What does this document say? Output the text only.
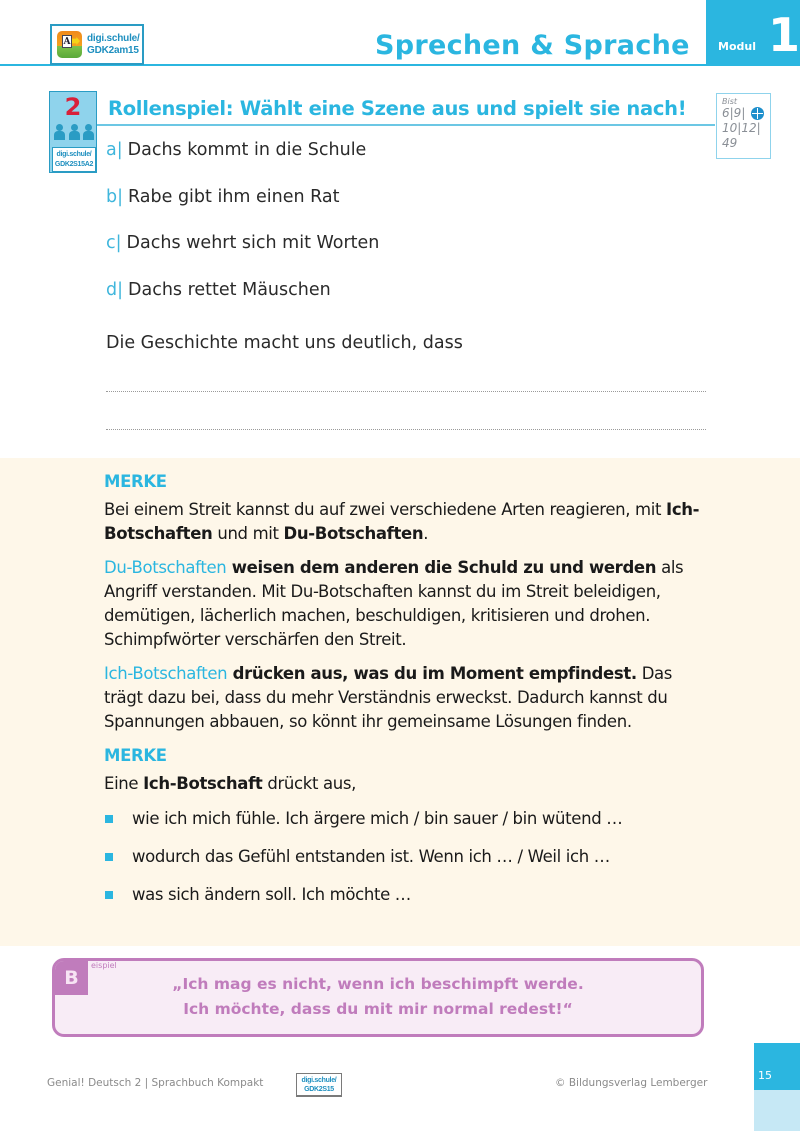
A digi.schule/
GDK2am15	Sprechen & Sprache	Modul 1
2
digi.schule/
GDK2S15A2
Rollenspiel: Wählt eine Szene aus und spielt sie nach!	Bist
6|9|
10|12|
49
a| Dachs kommt in die Schule
b| Rabe gibt ihm einen Rat
c| Dachs wehrt sich mit Worten
d| Dachs rettet Mäuschen
Die Geschichte macht uns deutlich, dass
MERKE

Bei einem Streit kannst du auf zwei verschiedene Arten reagieren, mit Ich-Botschaften und mit Du-Botschaften.

Du-Botschaften weisen dem anderen die Schuld zu und werden als Angriff verstanden. Mit Du-Botschaften kannst du im Streit beleidigen, demütigen, lächerlich machen, beschuldigen, kritisieren und drohen. Schimpfwörter verschärfen den Streit.

Ich-Botschaften drücken aus, was du im Moment empfindest. Das trägt dazu bei, dass du mehr Verständnis erweckst. Dadurch kannst du Spannungen abbauen, so könnt ihr gemeinsame Lösungen finden.

MERKE

Eine Ich-Botschaft drückt aus,

wie ich mich fühle. Ich ärgere mich / bin sauer / bin wütend …
wodurch das Gefühl entstanden ist. Wenn ich … / Weil ich …
was sich ändern soll. Ich möchte …
B
eispiel
„Ich mag es nicht, wenn ich beschimpft werde.
Ich möchte, dass du mit mir normal redest!“
Genial! Deutsch 2 | Sprachbuch Kompakt	digi.schule/
GDK2S15
© Bildungsverlag Lemberger
15
